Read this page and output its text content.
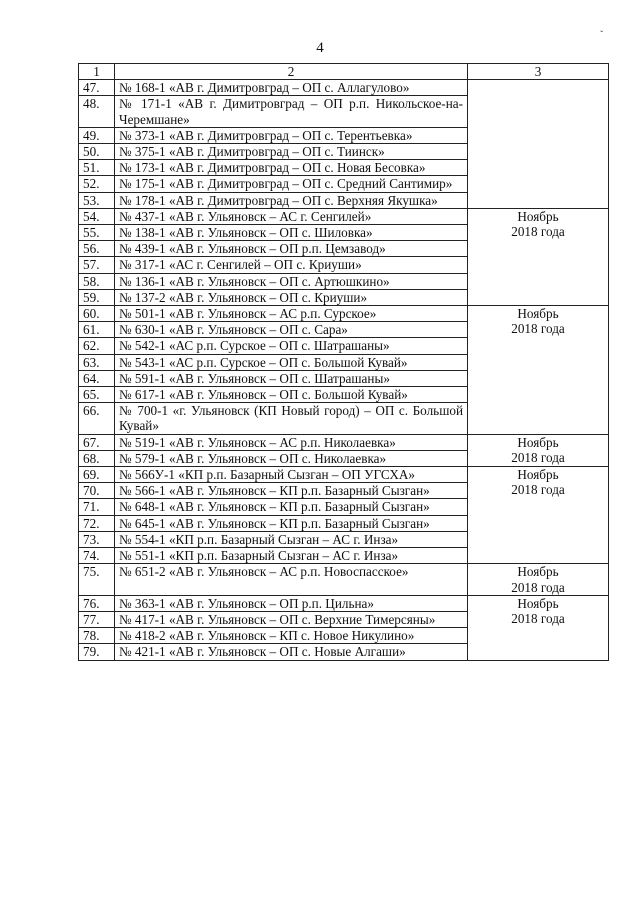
4
ˇ
1	2	3
47.	№ 168-1 «АВ г. Димитровград – ОП с. Аллагулово»	
48.	№ 171-1 «АВ г. Димитровград – ОП р.п. Никольское-на-Черемшане»	
49.	№ 373-1 «АВ г. Димитровград – ОП с. Терентьевка»	
50.	№ 375-1 «АВ г. Димитровград – ОП с. Тиинск»	
51.	№ 173-1 «АВ г. Димитровград – ОП с. Новая Бесовка»	
52.	№ 175-1 «АВ г. Димитровград – ОП с. Средний Сантимир»	
53.	№ 178-1 «АВ г. Димитровград – ОП с. Верхняя Якушка»	
54.	№ 437-1 «АВ г. Ульяновск – АС г. Сенгилей»	Ноябрь
2018 года

55.	№ 138-1 «АВ г. Ульяновск – ОП с. Шиловка»	
56.	№ 439-1 «АВ г. Ульяновск – ОП р.п. Цемзавод»	
57.	№ 317-1 «АС г. Сенгилей – ОП с. Криуши»	
58.	№ 136-1 «АВ г. Ульяновск – ОП с. Артюшкино»	
59.	№ 137-2 «АВ г. Ульяновск – ОП с. Криуши»	
60.	№ 501-1 «АВ г. Ульяновск – АС р.п. Сурское»	Ноябрь
2018 года

61.	№ 630-1 «АВ г. Ульяновск – ОП с. Сара»	
62.	№ 542-1 «АС р.п. Сурское – ОП с. Шатрашаны»	
63.	№ 543-1 «АС р.п. Сурское – ОП с. Большой Кувай»	
64.	№ 591-1 «АВ г. Ульяновск – ОП с. Шатрашаны»	
65.	№ 617-1 «АВ г. Ульяновск – ОП с. Большой Кувай»	
66.	№ 700-1 «г. Ульяновск (КП Новый город) – ОП с. Большой Кувай»	
67.	№ 519-1 «АВ г. Ульяновск – АС р.п. Николаевка»	Ноябрь
2018 года

68.	№ 579-1 «АВ г. Ульяновск – ОП с. Николаевка»	
69.	№ 566У-1 «КП р.п. Базарный Сызган – ОП УГСХА»	Ноябрь
2018 года

70.	№ 566-1 «АВ г. Ульяновск – КП р.п. Базарный Сызган»	
71.	№ 648-1 «АВ г. Ульяновск – КП р.п. Базарный Сызган»	
72.	№ 645-1 «АВ г. Ульяновск – КП р.п. Базарный Сызган»	
73.	№ 554-1 «КП р.п. Базарный Сызган – АС г. Инза»	
74.	№ 551-1 «КП р.п. Базарный Сызган – АС г. Инза»	
75.	№ 651-2 «АВ г. Ульяновск – АС р.п. Новоспасское»	Ноябрь
2018 года

76.	№ 363-1 «АВ г. Ульяновск – ОП р.п. Цильна»	Ноябрь
2018 года

77.	№ 417-1 «АВ г. Ульяновск – ОП с. Верхние Тимерсяны»	
78.	№ 418-2 «АВ г. Ульяновск – КП с. Новое Никулино»	
79.	№ 421-1 «АВ г. Ульяновск – ОП с. Новые Алгаши»	
